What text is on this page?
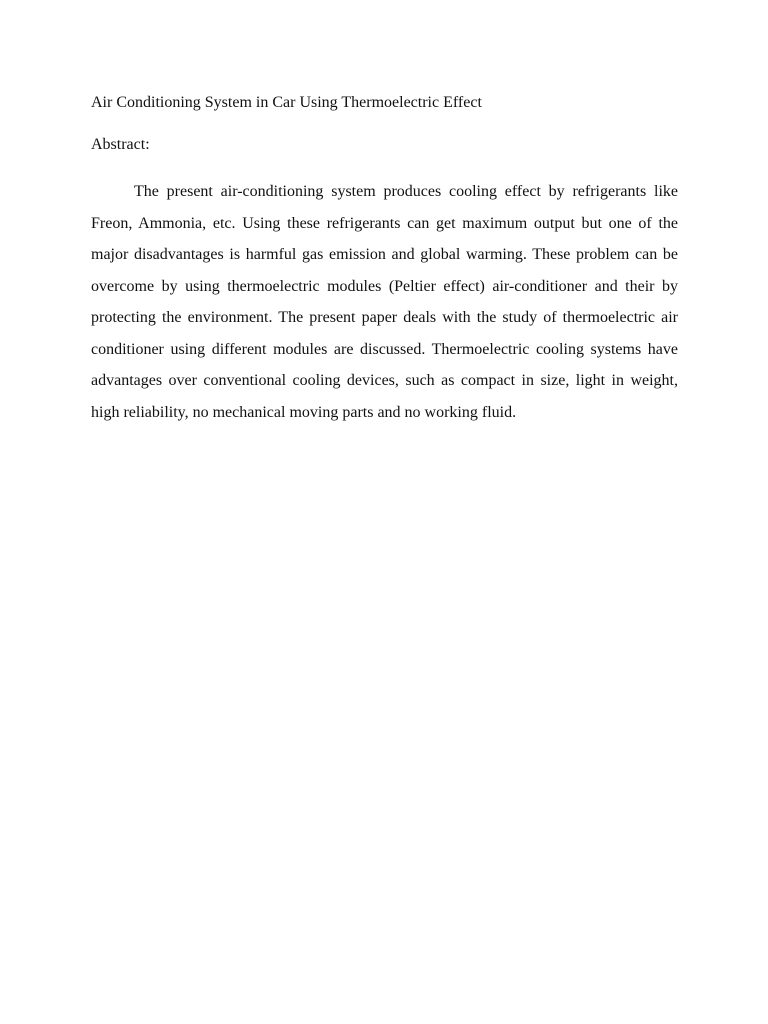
Air Conditioning System in Car Using Thermoelectric Effect
Abstract:

The present air-conditioning system produces cooling effect by refrigerants like Freon, Ammonia, etc. Using these refrigerants can get maximum output but one of the major disadvantages is harmful gas emission and global warming. These problem can be overcome by using thermoelectric modules (Peltier effect) air-conditioner and their by protecting the environment. The present paper deals with the study of thermoelectric air conditioner using different modules are discussed. Thermoelectric cooling systems have advantages over conventional cooling devices, such as compact in size, light in weight, high reliability, no mechanical moving parts and no working fluid.
